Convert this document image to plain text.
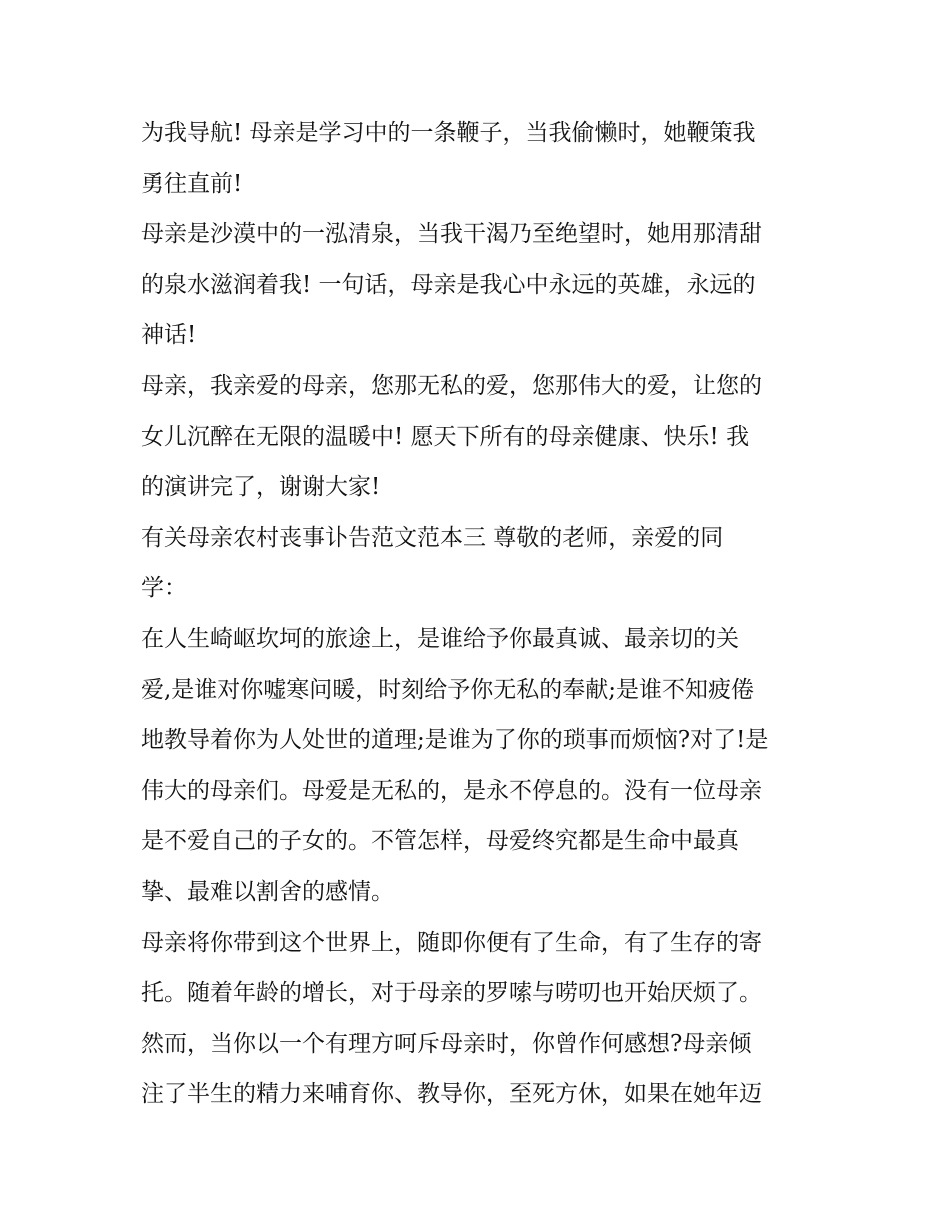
为我导航! 母亲是学习中的一条鞭子，当我偷懒时，她鞭策我
勇往直前!
母亲是沙漠中的一泓清泉，当我干渴乃至绝望时，她用那清甜
的泉水滋润着我! 一句话，母亲是我心中永远的英雄，永远的
神话!
母亲，我亲爱的母亲，您那无私的爱，您那伟大的爱，让您的
女儿沉醉在无限的温暖中! 愿天下所有的母亲健康、快乐! 我
的演讲完了，谢谢大家!
有关母亲农村丧事讣告范文范本三 尊敬的老师，亲爱的同
学：
在人生崎岖坎坷的旅途上，是谁给予你最真诚、最亲切的关
爱,是谁对你嘘寒问暖，时刻给予你无私的奉献;是谁不知疲倦
地教导着你为人处世的道理;是谁为了你的琐事而烦恼?对了!是
伟大的母亲们。母爱是无私的，是永不停息的。没有一位母亲
是不爱自己的子女的。不管怎样，母爱终究都是生命中最真
挚、最难以割舍的感情。
母亲将你带到这个世界上，随即你便有了生命，有了生存的寄
托。随着年龄的增长，对于母亲的罗嗦与唠叨也开始厌烦了。
然而，当你以一个有理方呵斥母亲时，你曾作何感想?母亲倾
注了半生的精力来哺育你、教导你，至死方休，如果在她年迈
